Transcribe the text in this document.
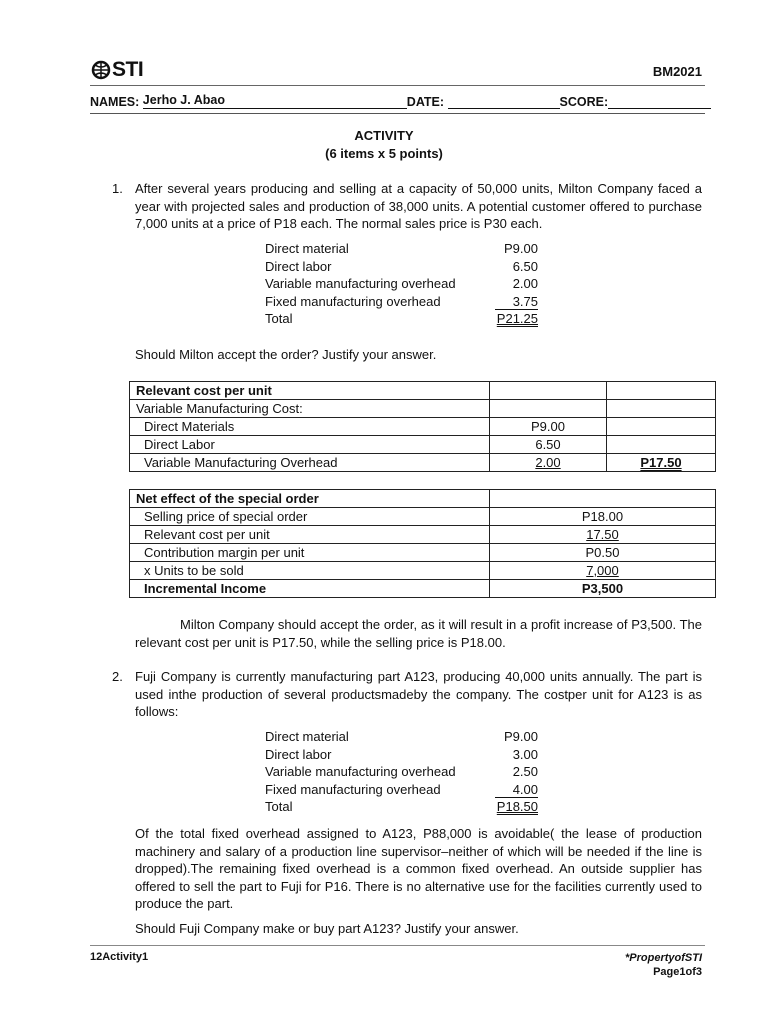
STI	BM2021
NAMES: Jerho J. Abao	DATE:	SCORE:
ACTIVITY
(6 items x 5 points)
1. After several years producing and selling at a capacity of 50,000 units, Milton Company faced a year with projected sales and production of 38,000 units. A potential customer offered to purchase 7,000 units at a price of P18 each. The normal sales price is P30 each.
Direct material	P9.00
Direct labor	6.50
Variable manufacturing overhead	2.00
Fixed manufacturing overhead	3.75
Total	P21.25
Should Milton accept the order? Justify your answer.
Relevant cost per unit		
Variable Manufacturing Cost:		
Direct Materials	P9.00	
Direct Labor	6.50	
Variable Manufacturing Overhead	2.00	P17.50
Net effect of the special order	
Selling price of special order	P18.00
Relevant cost per unit	17.50
Contribution margin per unit	P0.50
x Units to be sold	7,000
Incremental Income	P3,500
Milton Company should accept the order, as it will result in a profit increase of P3,500. The relevant cost per unit is P17.50, while the selling price is P18.00.
2. Fuji Company is currently manufacturing part A123, producing 40,000 units annually. The part is used inthe production of several productsmadeby the company. The costper unit for A123 is as follows:
Direct material	P9.00
Direct labor	3.00
Variable manufacturing overhead	2.50
Fixed manufacturing overhead	4.00
Total	P18.50
Of the total fixed overhead assigned to A123, P88,000 is avoidable( the lease of production machinery and salary of a production line supervisor–neither of which will be needed if the line is dropped).The remaining fixed overhead is a common fixed overhead. An outside supplier has offered to sell the part to Fuji for P16. There is no alternative use for the facilities currently used to produce the part.
Should Fuji Company make or buy part A123? Justify your answer.
12Activity1	*PropertyofSTI
Page1of3
